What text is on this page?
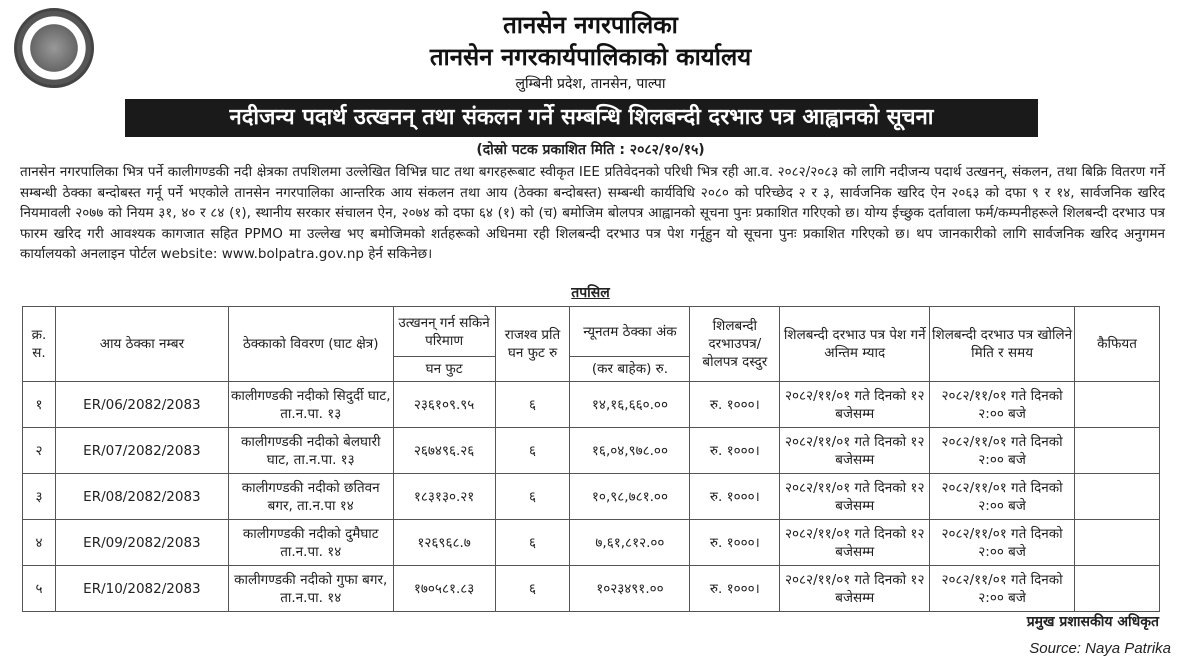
तानसेन नगरपालिका
तानसेन नगरकार्यपालिकाको कार्यालय
लुम्बिनी प्रदेश, तानसेन, पाल्पा
नदीजन्य पदार्थ उत्खनन् तथा संकलन गर्ने सम्बन्धि शिलबन्दी दरभाउ पत्र आह्वानको सूचना
(दोस्रो पटक प्रकाशित मिति : २०८२/१०/१५)
तानसेन नगरपालिका भित्र पर्ने कालीगण्डकी नदी क्षेत्रका तपशिलमा उल्लेखित विभिन्न घाट तथा बगरहरूबाट स्वीकृत IEE प्रतिवेदनको परिधी भित्र रही आ.व. २०८२/२०८३ को लागि नदीजन्य पदार्थ उत्खनन्, संकलन, तथा बिक्रि वितरण गर्ने सम्बन्धी ठेक्का बन्दोबस्त गर्नू पर्ने भएकोले तानसेन नगरपालिका आन्तरिक आय संकलन तथा आय (ठेक्का बन्दोबस्त) सम्बन्धी कार्यविधि २०८० को परिच्छेद २ र ३, सार्वजनिक खरिद ऐन २०६३ को दफा ९ र १४, सार्वजनिक खरिद नियमावली २०७७ को नियम ३१, ४० र ८४ (१), स्थानीय सरकार संचालन ऐन, २०७४ को दफा ६४ (१) को (च) बमोजिम बोलपत्र आह्वानको सूचना पुनः प्रकाशित गरिएको छ। योग्य ईच्छुक दर्तावाला फर्म/कम्पनीहरूले शिलबन्दी दरभाउ पत्र फारम खरिद गरी आवश्यक कागजात सहित PPMO मा उल्लेख भए बमोजिमको शर्तहरूको अधिनमा रही शिलबन्दी दरभाउ पत्र पेश गर्नूहुन यो सूचना पुनः प्रकाशित गरिएको छ। थप जानकारीको लागि सार्वजनिक खरिद अनुगमन कार्यालयको अनलाइन पोर्टल website: www.bolpatra.gov.np हेर्न सकिनेछ।
तपसिल
क्र. स.	आय ठेक्का नम्बर	ठेक्काको विवरण (घाट क्षेत्र)	उत्खनन् गर्न सकिने परिमाण	राजश्व प्रति घन फुट रु	न्यूनतम ठेक्का अंक	शिलबन्दी दरभाउपत्र/ बोलपत्र दस्दुर	शिलबन्दी दरभाउ पत्र पेश गर्ने अन्तिम म्याद	शिलबन्दी दरभाउ पत्र खोलिने मिति र समय	कैफियत
			घन फुट		(कर बाहेक) रु.				
१	ER/06/2082/2083	कालीगण्डकी नदीको सिदुर्दी घाट, ता.न.पा. १३	२३६१०९.९५	६	१४,१६,६६०.००	रु. १०००।	२०८२/११/०१ गते दिनको १२ बजेसम्म	२०८२/११/०१ गते दिनको २:०० बजे	
२	ER/07/2082/2083	कालीगण्डकी नदीको बेलघारी घाट, ता.न.पा. १३	२६७४९६.२६	६	१६,०४,९७८.००	रु. १०००।	२०८२/११/०१ गते दिनको १२ बजेसम्म	२०८२/११/०१ गते दिनको २:०० बजे	
३	ER/08/2082/2083	कालीगण्डकी नदीको छतिवन बगर, ता.न.पा १४	१८३१३०.२१	६	१०,९८,७८१.००	रु. १०००।	२०८२/११/०१ गते दिनको १२ बजेसम्म	२०८२/११/०१ गते दिनको २:०० बजे	
४	ER/09/2082/2083	कालीगण्डकी नदीको दुमैघाट ता.न.पा. १४	१२६९६८.७	६	७,६१,८१२.००	रु. १०००।	२०८२/११/०१ गते दिनको १२ बजेसम्म	२०८२/११/०१ गते दिनको २:०० बजे	
५	ER/10/2082/2083	कालीगण्डकी नदीको गुफा बगर, ता.न.पा. १४	१७०५८१.८३	६	१०२३४९१.००	रु. १०००।	२०८२/११/०१ गते दिनको १२ बजेसम्म	२०८२/११/०१ गते दिनको २:०० बजे	
प्रमुख प्रशासकीय अधिकृत
Source: Naya Patrika
